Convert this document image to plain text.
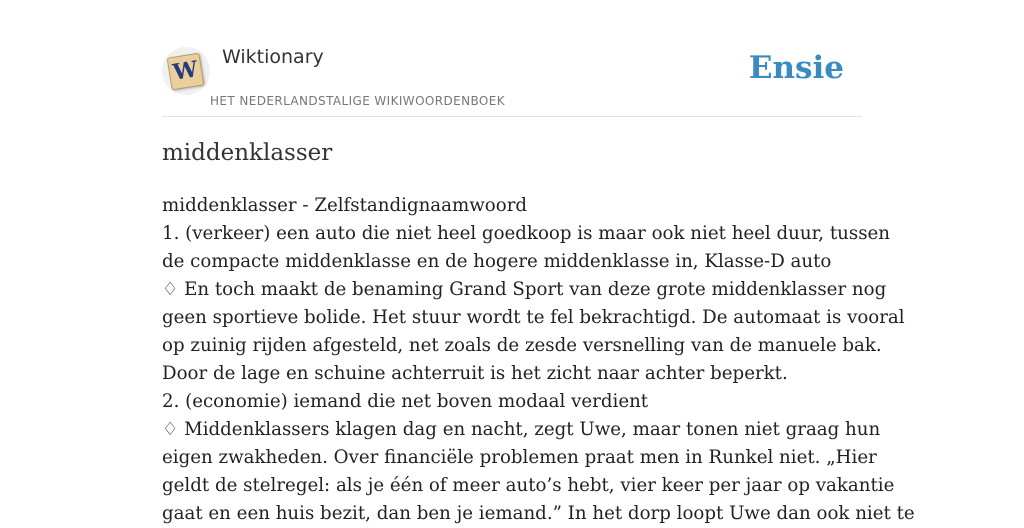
W Wiktionary
HET NEDERLANDSTALIGE WIKIWOORDENBOEK
Ensie
middenklasser
middenklasser - Zelfstandignaamwoord
1. (verkeer) een auto die niet heel goedkoop is maar ook niet heel duur, tussen
de compacte middenklasse en de hogere middenklasse in, Klasse-D auto
♢ En toch maakt de benaming Grand Sport van deze grote middenklasser nog
geen sportieve bolide. Het stuur wordt te fel bekrachtigd. De automaat is vooral
op zuinig rijden afgesteld, net zoals de zesde versnelling van de manuele bak.
Door de lage en schuine achterruit is het zicht naar achter beperkt.
2. (economie) iemand die net boven modaal verdient
♢ Middenklassers klagen dag en nacht, zegt Uwe, maar tonen niet graag hun
eigen zwakheden. Over financiële problemen praat men in Runkel niet. „Hier
geldt de stelregel: als je één of meer auto’s hebt, vier keer per jaar op vakantie
gaat en een huis bezit, dan ben je iemand.” In het dorp loopt Uwe dan ook niet te
